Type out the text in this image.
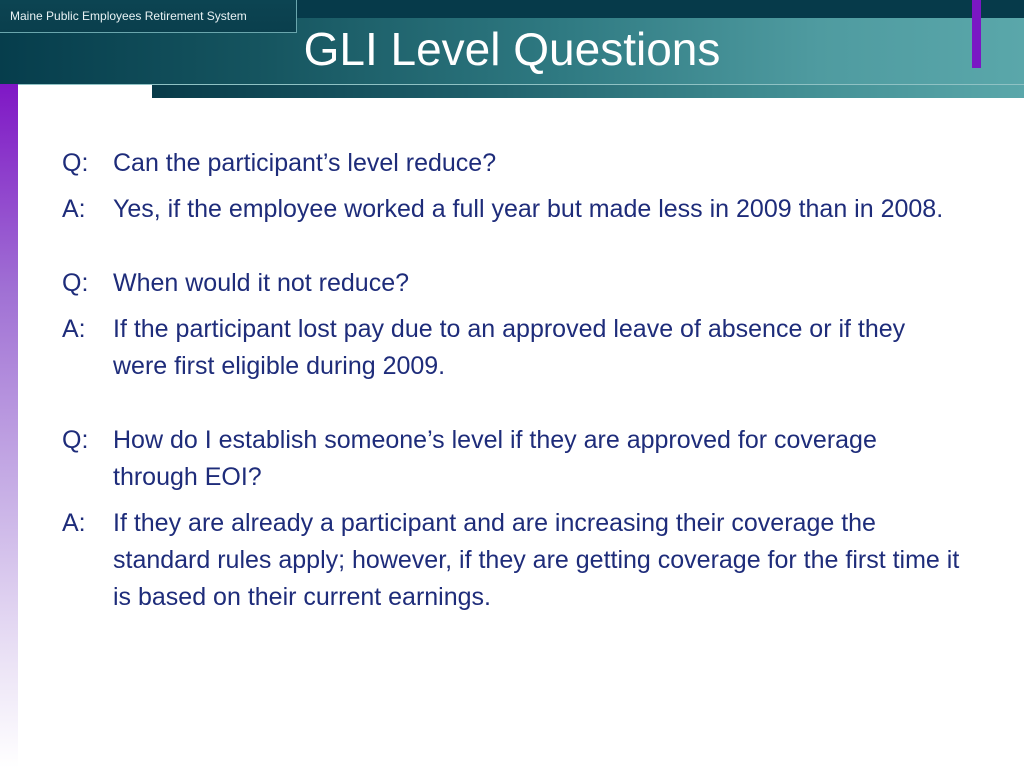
Maine Public Employees Retirement System
GLI Level Questions
Q: Can the participant’s level reduce?
A:	Yes, if the employee worked a full year but made less in 2009 than in 2008.
Q: When would it not reduce?
A:	If the participant lost pay due to an approved leave of absence or if they were first eligible during 2009.
Q: How do I establish someone’s level if they are approved for coverage through EOI?
A:	If they are already a participant and are increasing their coverage the standard rules apply; however, if they are getting coverage for the first time it is based on their current earnings.
